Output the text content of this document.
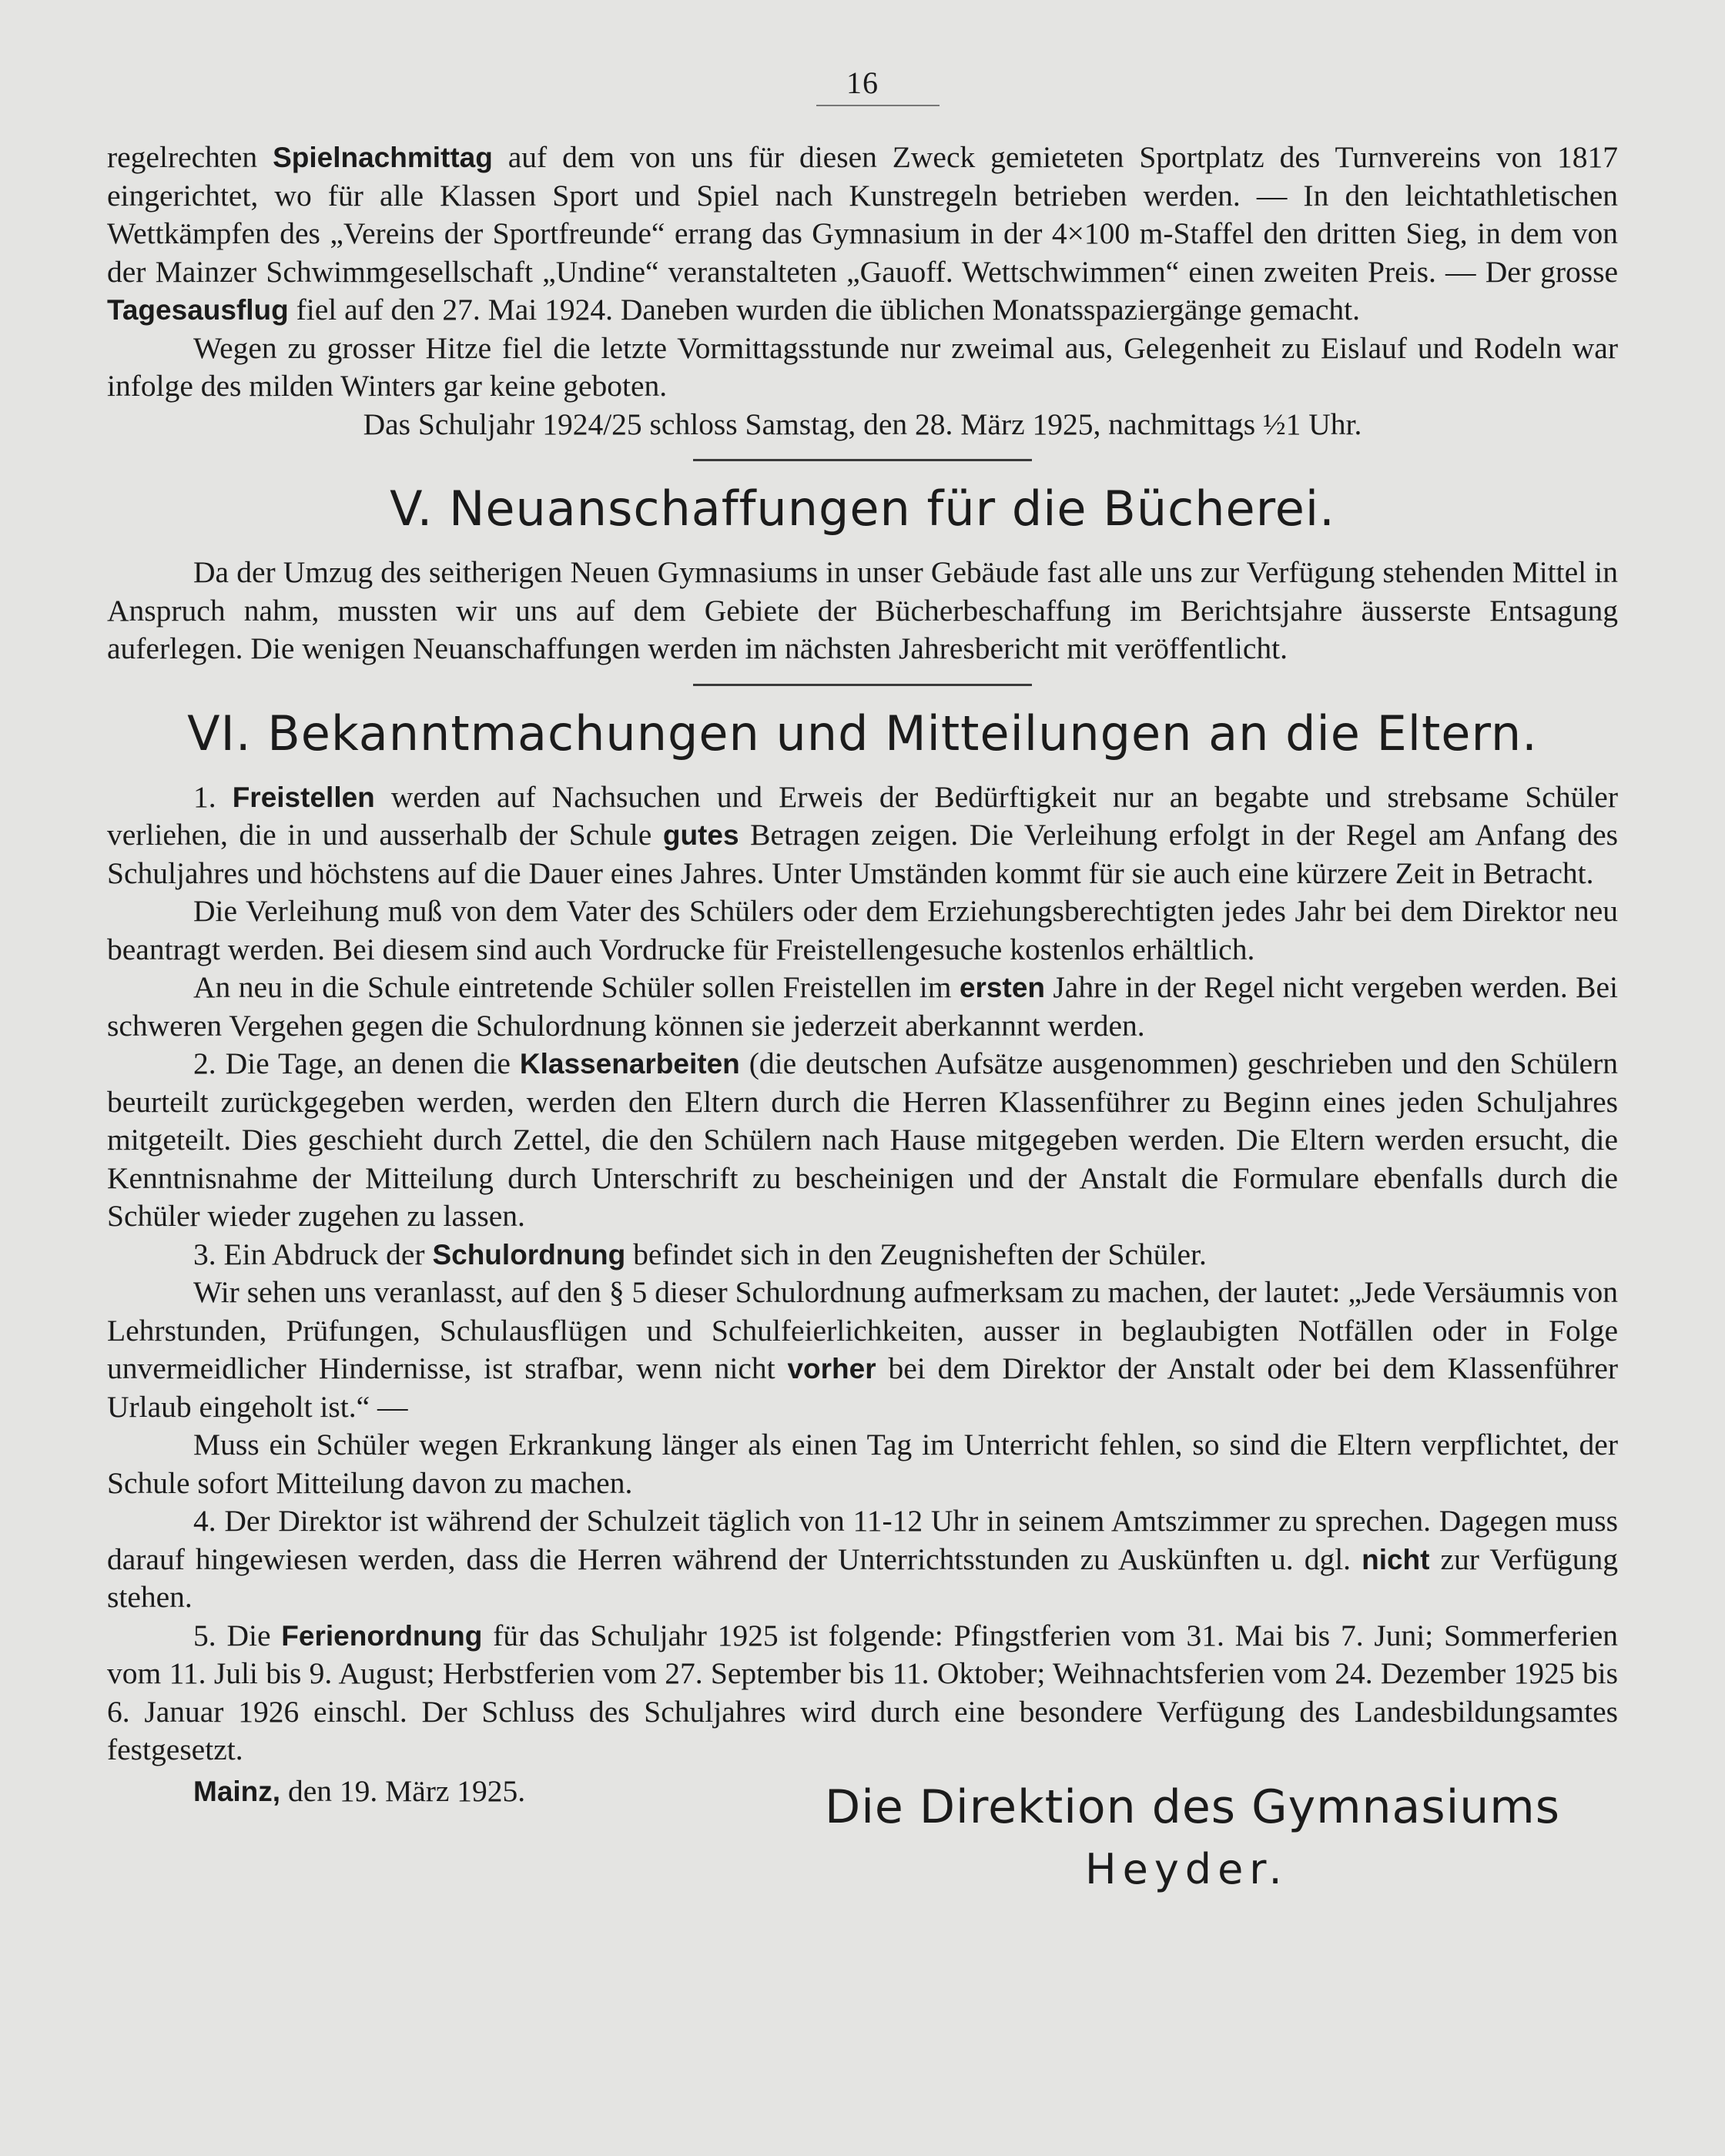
16

regelrechten Spielnachmittag auf dem von uns für diesen Zweck gemieteten Sportplatz des Turnvereins von 1817 eingerichtet, wo für alle Klassen Sport und Spiel nach Kunstregeln betrieben werden. — In den leichtathletischen Wettkämpfen des „Vereins der Sportfreunde“ errang das Gymnasium in der 4×100 m-Staffel den dritten Sieg, in dem von der Mainzer Schwimmgesellschaft „Undine“ veranstalteten „Gauoff. Wettschwimmen“ einen zweiten Preis. — Der grosse Tagesausflug fiel auf den 27. Mai 1924. Daneben wurden die üblichen Monatsspaziergänge gemacht.

Wegen zu grosser Hitze fiel die letzte Vormittagsstunde nur zweimal aus, Gelegenheit zu Eislauf und Rodeln war infolge des milden Winters gar keine geboten.

Das Schuljahr 1924/25 schloss Samstag, den 28. März 1925, nachmittags ½1 Uhr.

V. Neuanschaffungen für die Bücherei.

Da der Umzug des seitherigen Neuen Gymnasiums in unser Gebäude fast alle uns zur Verfügung stehenden Mittel in Anspruch nahm, mussten wir uns auf dem Gebiete der Bücherbeschaffung im Berichtsjahre äusserste Entsagung auferlegen. Die wenigen Neuanschaffungen werden im nächsten Jahresbericht mit veröffentlicht.

VI. Bekanntmachungen und Mitteilungen an die Eltern.

1. Freistellen werden auf Nachsuchen und Erweis der Bedürftigkeit nur an begabte und strebsame Schüler verliehen, die in und ausserhalb der Schule gutes Betragen zeigen. Die Verleihung erfolgt in der Regel am Anfang des Schuljahres und höchstens auf die Dauer eines Jahres. Unter Umständen kommt für sie auch eine kürzere Zeit in Betracht.

Die Verleihung muß von dem Vater des Schülers oder dem Erziehungsberechtigten jedes Jahr bei dem Direktor neu beantragt werden. Bei diesem sind auch Vordrucke für Freistellengesuche kostenlos erhältlich.

An neu in die Schule eintretende Schüler sollen Freistellen im ersten Jahre in der Regel nicht vergeben werden. Bei schweren Vergehen gegen die Schulordnung können sie jederzeit aberkannnt werden.

2. Die Tage, an denen die Klassenarbeiten (die deutschen Aufsätze ausgenommen) geschrieben und den Schülern beurteilt zurückgegeben werden, werden den Eltern durch die Herren Klassenführer zu Beginn eines jeden Schuljahres mitgeteilt. Dies geschieht durch Zettel, die den Schülern nach Hause mitgegeben werden. Die Eltern werden ersucht, die Kenntnisnahme der Mitteilung durch Unterschrift zu bescheinigen und der Anstalt die Formulare ebenfalls durch die Schüler wieder zugehen zu lassen.

3. Ein Abdruck der Schulordnung befindet sich in den Zeugnisheften der Schüler.

Wir sehen uns veranlasst, auf den § 5 dieser Schulordnung aufmerksam zu machen, der lautet: „Jede Versäumnis von Lehrstunden, Prüfungen, Schulausflügen und Schulfeierlichkeiten, ausser in beglaubigten Notfällen oder in Folge unvermeidlicher Hindernisse, ist strafbar, wenn nicht vorher bei dem Direktor der Anstalt oder bei dem Klassenführer Urlaub eingeholt ist.“ —

Muss ein Schüler wegen Erkrankung länger als einen Tag im Unterricht fehlen, so sind die Eltern verpflichtet, der Schule sofort Mitteilung davon zu machen.

4. Der Direktor ist während der Schulzeit täglich von 11-12 Uhr in seinem Amtszimmer zu sprechen. Dagegen muss darauf hingewiesen werden, dass die Herren während der Unterrichtsstunden zu Auskünften u. dgl. nicht zur Verfügung stehen.

5. Die Ferienordnung für das Schuljahr 1925 ist folgende: Pfingstferien vom 31. Mai bis 7. Juni; Sommerferien vom 11. Juli bis 9. August; Herbstferien vom 27. September bis 11. Oktober; Weihnachtsferien vom 24. Dezember 1925 bis 6. Januar 1926 einschl. Der Schluss des Schuljahres wird durch eine besondere Verfügung des Landesbildungsamtes festgesetzt.

Mainz, den 19. März 1925.	Die Direktion des Gymnasiums
Heyder.
